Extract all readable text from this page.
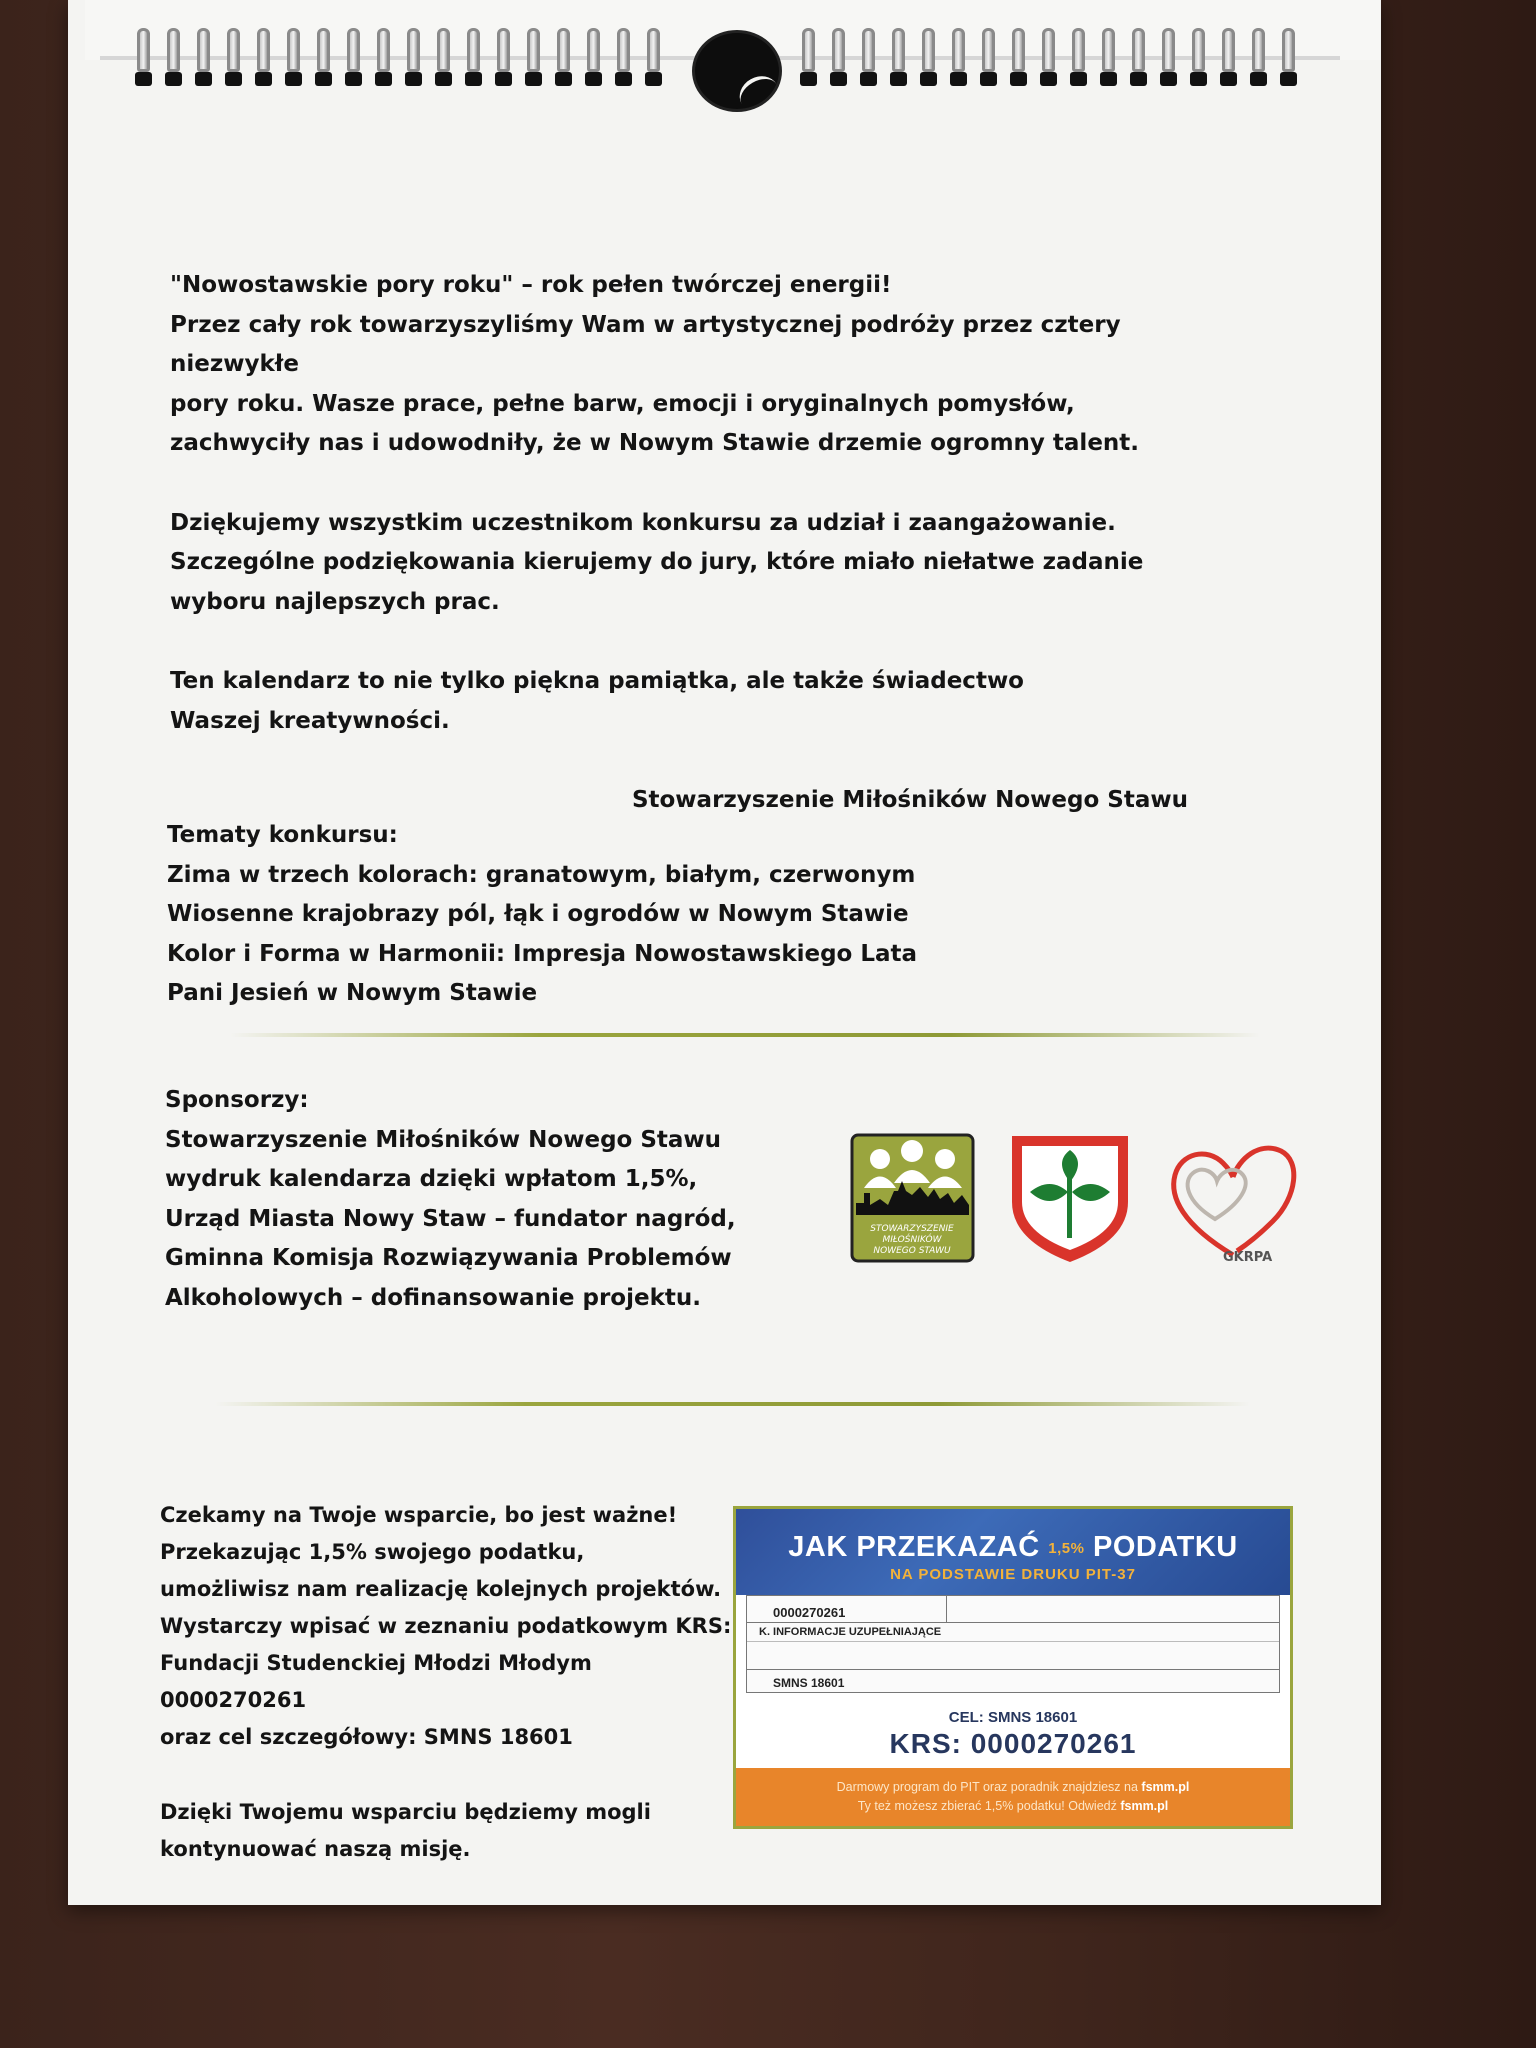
"Nowostawskie pory roku" – rok pełen twórczej energii!

Przez cały rok towarzyszyliśmy Wam w artystycznej podróży przez cztery niezwykłe

pory roku. Wasze prace, pełne barw, emocji i oryginalnych pomysłów,

zachwyciły nas i udowodniły, że w Nowym Stawie drzemie ogromny talent.

Dziękujemy wszystkim uczestnikom konkursu za udział i zaangażowanie.

Szczególne podziękowania kierujemy do jury, które miało niełatwe zadanie

wyboru najlepszych prac.

Ten kalendarz to nie tylko piękna pamiątka, ale także świadectwo

Waszej kreatywności.

Stowarzyszenie Miłośników Nowego Stawu

Tematy konkursu:

Zima w trzech kolorach: granatowym, białym, czerwonym

Wiosenne krajobrazy pól, łąk i ogrodów w Nowym Stawie

Kolor i Forma w Harmonii: Impresja Nowostawskiego Lata

Pani Jesień w Nowym Stawie

Sponsorzy:

Stowarzyszenie Miłośników Nowego Stawu

wydruk kalendarza dzięki wpłatom 1,5%,

Urząd Miasta Nowy Staw – fundator nagród,

Gminna Komisja Rozwiązywania Problemów

Alkoholowych – dofinansowanie projektu.

STOWARZYSZENIE
MIŁOŚNIKÓW
NOWEGO STAWU	GKRPA

Czekamy na Twoje wsparcie, bo jest ważne!

Przekazując 1,5% swojego podatku,

umożliwisz nam realizację kolejnych projektów.

Wystarczy wpisać w zeznaniu podatkowym KRS:

Fundacji Studenckiej Młodzi Młodym 0000270261

oraz cel szczegółowy: SMNS 18601

Dzięki Twojemu wsparciu będziemy mogli

kontynuować naszą misję.

JAK PRZEKAZAĆ 1,5% PODATKU
NA PODSTAWIE DRUKU PIT-37
0000270261
K. INFORMACJE UZUPEŁNIAJĄCE
SMNS 18601
CEL: SMNS 18601
KRS: 0000270261
Darmowy program do PIT oraz poradnik znajdziesz na fsmm.pl
Ty też możesz zbierać 1,5% podatku! Odwiedź fsmm.pl
